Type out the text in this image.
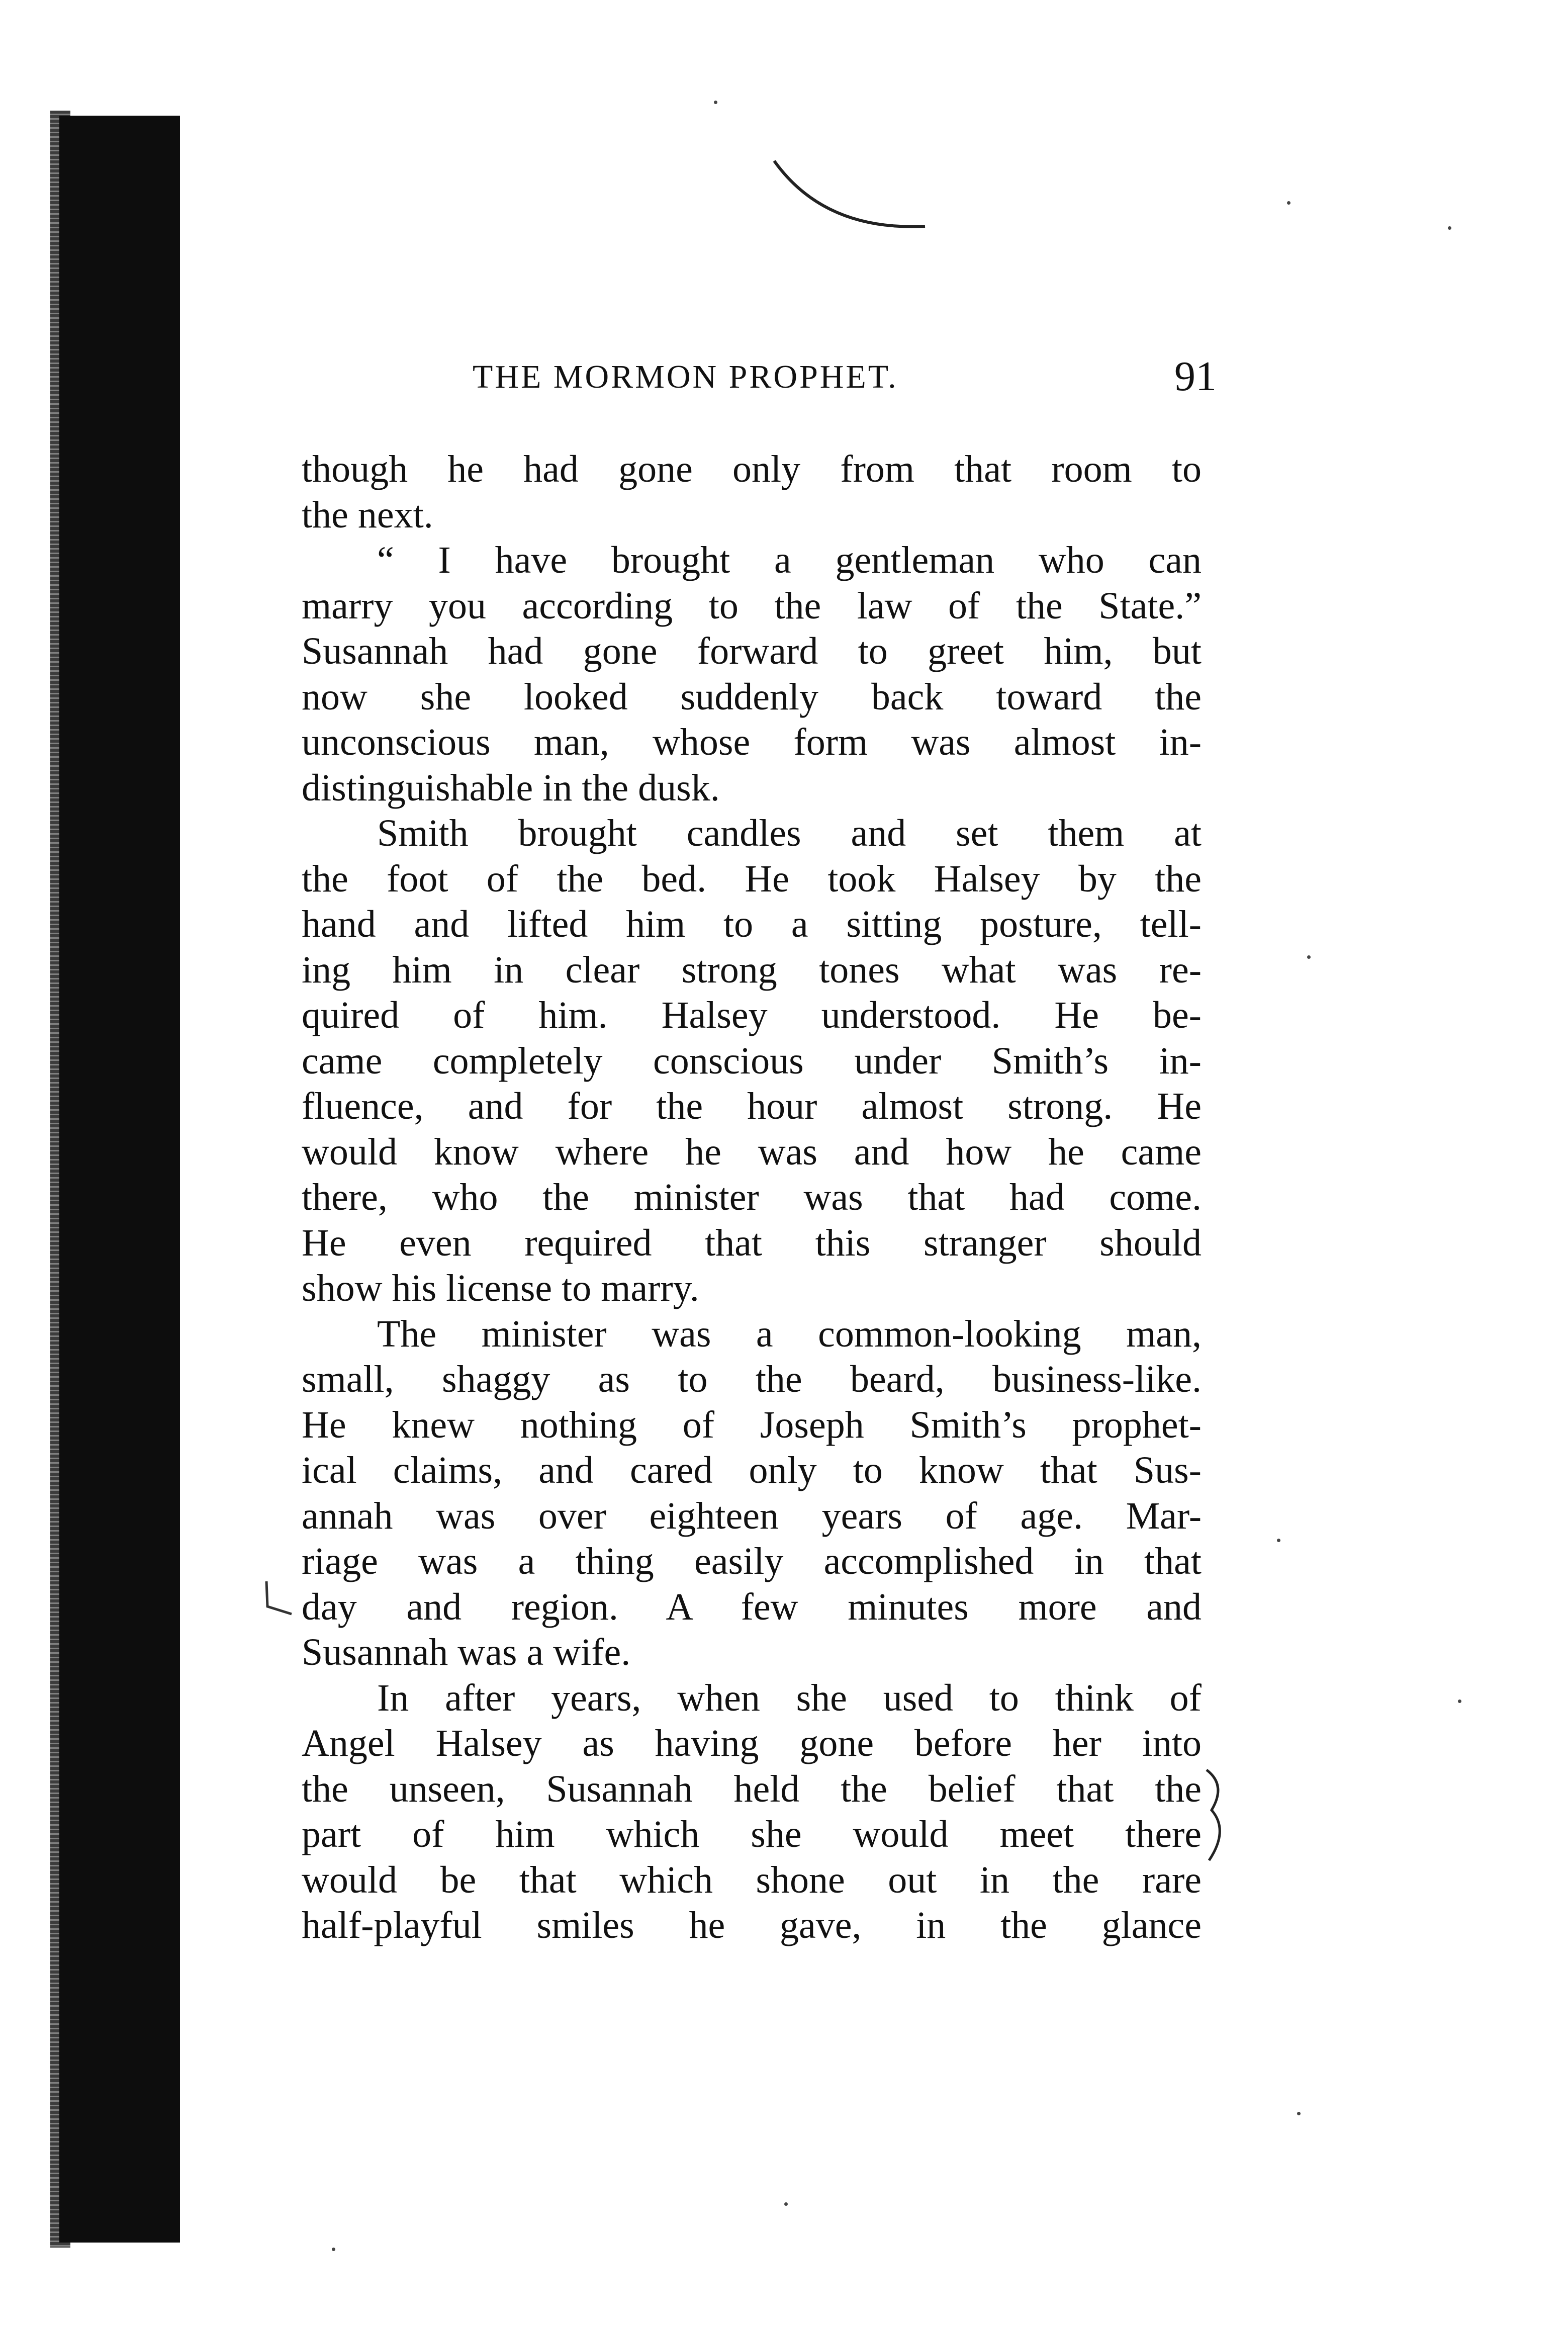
THE MORMON PROPHET.	91
though he had gone only from that room to
the next.
“ I have brought a gentleman who can
marry you according to the law of the State.”
Susannah had gone forward to greet him, but
now she looked suddenly back toward the
unconscious man, whose form was almost in-
distinguishable in the dusk.
Smith brought candles and set them at
the foot of the bed. He took Halsey by the
hand and lifted him to a sitting posture, tell-
ing him in clear strong tones what was re-
quired of him. Halsey understood. He be-
came completely conscious under Smith’s in-
fluence, and for the hour almost strong. He
would know where he was and how he came
there, who the minister was that had come.
He even required that this stranger should
show his license to marry.
The minister was a common-looking man,
small, shaggy as to the beard, business-like.
He knew nothing of Joseph Smith’s prophet-
ical claims, and cared only to know that Sus-
annah was over eighteen years of age. Mar-
riage was a thing easily accomplished in that
day and region. A few minutes more and
Susannah was a wife.
In after years, when she used to think of
Angel Halsey as having gone before her into
the unseen, Susannah held the belief that the
part of him which she would meet there
would be that which shone out in the rare
half-playful smiles he gave, in the glance
